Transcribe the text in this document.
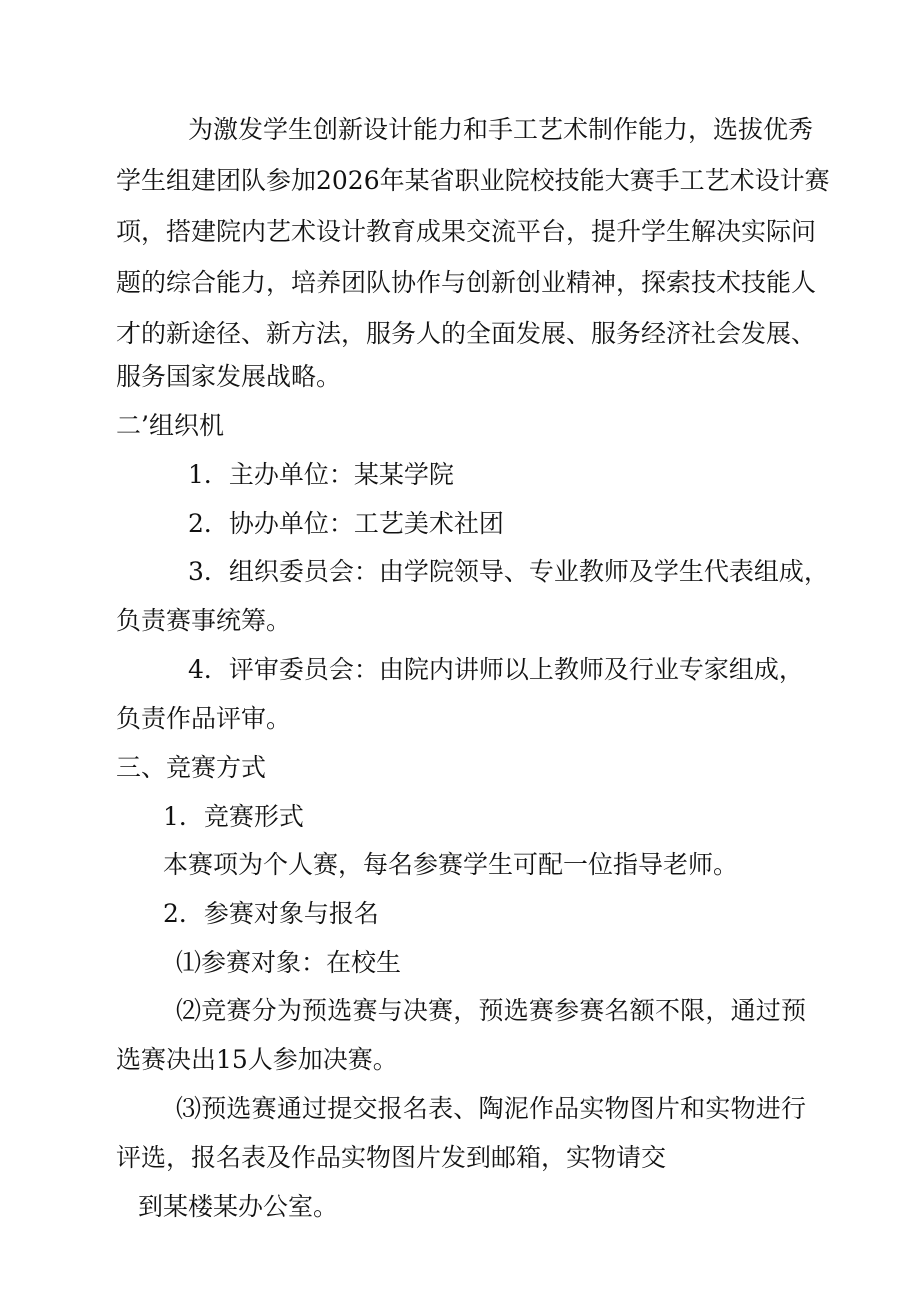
为激发学生创新设计能力和手工艺术制作能力，选拔优秀
学生组建团队参加2026年某省职业院校技能大赛手工艺术设计赛
项，搭建院内艺术设计教育成果交流平台，提升学生解决实际问
题的综合能力，培养团队协作与创新创业精神，探索技术技能人
才的新途径、新方法，服务人的全面发展、服务经济社会发展、
服务国家发展战略。
二’组织机
1．主办单位：某某学院
2．协办单位：工艺美术社团
3．组织委员会：由学院领导、专业教师及学生代表组成，
负责赛事统筹。
4．评审委员会：由院内讲师以上教师及行业专家组成，
负责作品评审。
三、竞赛方式
1．竞赛形式
本赛项为个人赛，每名参赛学生可配一位指导老师。
2．参赛对象与报名
⑴参赛对象：在校生
⑵竞赛分为预选赛与决赛，预选赛参赛名额不限，通过预
选赛决出15人参加决赛。
⑶预选赛通过提交报名表、陶泥作品实物图片和实物进行
评选，报名表及作品实物图片发到邮箱，实物请交
到某楼某办公室。
